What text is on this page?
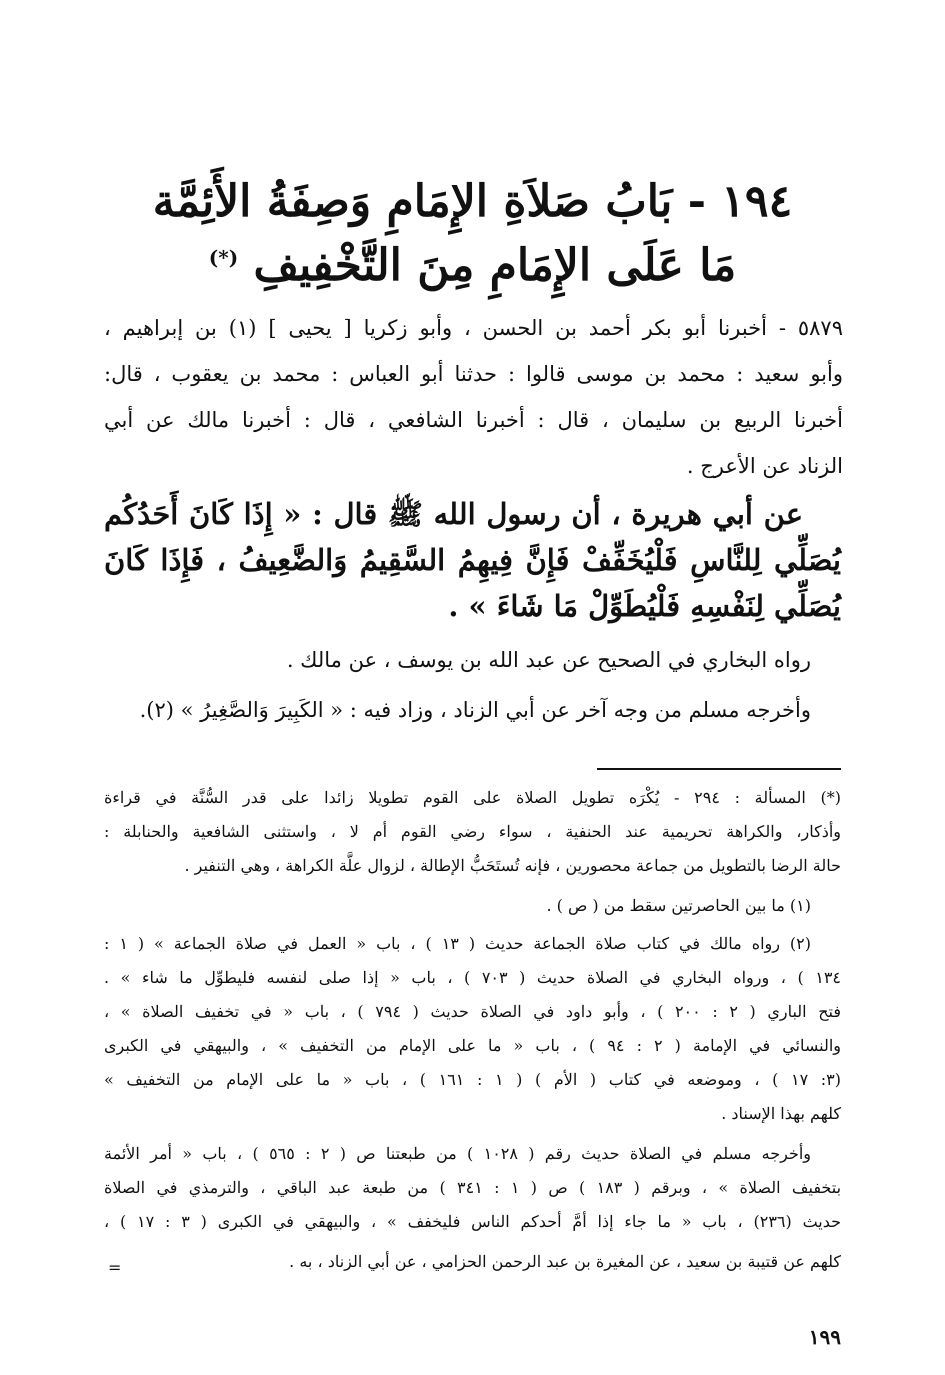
١٩٤ - بَابُ صَلاَةِ الإِمَامِ وَصِفَةُ الأَئِمَّة
مَا عَلَى الإِمَامِ مِنَ التَّخْفِيفِ (*)
٥٨٧٩ - أخبرنا أبو بكر أحمد بن الحسن ، وأبو زكريا [ يحيى ] (١) بن إبراهيم ،
وأبو سعيد : محمد بن موسى قالوا : حدثنا أبو العباس : محمد بن يعقوب ، قال:
أخبرنا الربيع بن سليمان ، قال : أخبرنا الشافعي ، قال : أخبرنا مالك عن أبي
الزناد عن الأعرج .
عن أبي هريرة ، أن رسول الله ﷺ قال : « إِذَا كَانَ أَحَدُكُم
يُصَلِّي لِلنَّاسِ فَلْيُخَفِّفْ فَإِنَّ فِيهِمُ السَّقِيمُ وَالضَّعِيفُ ، فَإِذَا كَانَ
يُصَلِّي لِنَفْسِهِ فَلْيُطَوِّلْ مَا شَاءَ » .
رواه البخاري في الصحيح عن عبد الله بن يوسف ، عن مالك .
وأخرجه مسلم من وجه آخر عن أبي الزناد ، وزاد فيه : « الكَبِيرَ وَالصَّغِيرُ » (٢).
(*) المسألة : ٢٩٤ - يُكْرَه تطويل الصلاة على القوم تطويلا زائدا على قدر السُّنَّة في قراءة
وأذكار، والكراهة تحريمية عند الحنفية ، سواء رضي القوم أم لا ، واستثنى الشافعية والحنابلة :
حالة الرضا بالتطويل من جماعة محصورين ، فإنه تُستَحَبُّ الإطالة ، لزوال علَّة الكراهة ، وهي التنفير .
(١) ما بين الحاصرتين سقط من ( ص ) .
(٢) رواه مالك في كتاب صلاة الجماعة حديث ( ١٣ ) ، باب « العمل في صلاة الجماعة » ( ١ :
١٣٤ ) ، ورواه البخاري في الصلاة حديث ( ٧٠٣ ) ، باب « إذا صلى لنفسه فليطوِّل ما شاء » .
فتح الباري ( ٢ : ٢٠٠ ) ، وأبو داود في الصلاة حديث ( ٧٩٤ ) ، باب « في تخفيف الصلاة » ،
والنسائي في الإمامة ( ٢ : ٩٤ ) ، باب « ما على الإمام من التخفيف » ، والبيهقي في الكبرى
(٣: ١٧ ) ، وموضعه في كتاب ( الأم ) ( ١ : ١٦١ ) ، باب « ما على الإمام من التخفيف »
كلهم بهذا الإسناد .
وأخرجه مسلم في الصلاة حديث رقم ( ١٠٢٨ ) من طبعتنا ص ( ٢ : ٥٦٥ ) ، باب « أمر الأئمة
بتخفيف الصلاة » ، وبرقم ( ١٨٣ ) ص ( ١ : ٣٤١ ) من طبعة عبد الباقي ، والترمذي في الصلاة
حديث (٢٣٦) ، باب « ما جاء إذا أمَّ أحدكم الناس فليخفف » ، والبيهقي في الكبرى ( ٣ : ١٧ ) ،
كلهم عن قتيبة بن سعيد ، عن المغيرة بن عبد الرحمن الحزامي ، عن أبي الزناد ، به .
=
١٩٩
